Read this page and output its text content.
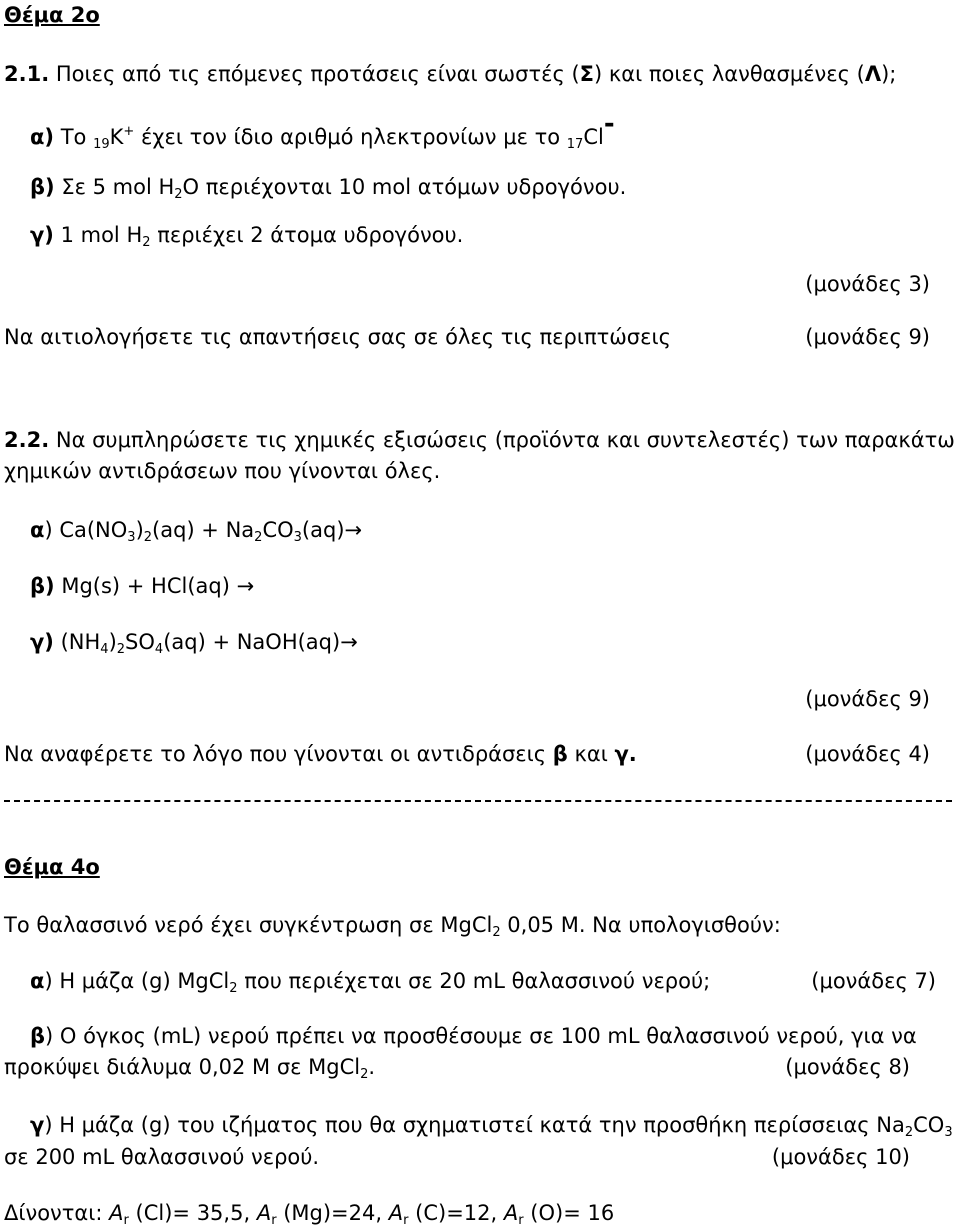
Θέμα 2ο
2.1. Ποιες από τις επόμενες προτάσεις είναι σωστές (Σ) και ποιες λανθασμένες (Λ);
α) Το 19K+ έχει τον ίδιο αριθμό ηλεκτρονίων με το 17Cl-
β) Σε 5 mol $H_2O$ περιέχονται 10 mol ατόμων υδρογόνου.
γ) 1 mol $H_2$ περιέχει 2 άτομα υδρογόνου.
(μονάδες 3)
Να αιτιολογήσετε τις απαντήσεις σας σε όλες τις περιπτώσεις	(μονάδες 9)
2.2. Να συμπληρώσετε τις χημικές εξισώσεις (προϊόντα και συντελεστές) των παρακάτω
χημικών αντιδράσεων που γίνονται όλες.
α) $Ca(NO_3)_2(aq) + Na_2CO_3(aq)\to$
β) Mg(s) + HCl(aq) →
γ) $(NH_4)_2SO_4(aq)$ + NaOH(aq)→
(μονάδες 9)
Να αναφέρετε το λόγο που γίνονται οι αντιδράσεις β και γ.	(μονάδες 4)
Θέμα 4ο
Το θαλασσινό νερό έχει συγκέντρωση σε MgCl$_2$ 0,05 M. Να υπολογισθούν:
α) Η μάζα (g) MgCl$_2$ που περιέχεται σε 20 mL θαλασσινού νερού;	(μονάδες 7)
β) Ο όγκος (mL) νερού πρέπει να προσθέσουμε σε 100 mL θαλασσινού νερού, για να
προκύψει διάλυμα 0,02 M σε MgCl$_2$.	(μονάδες 8)
γ) Η μάζα (g) του ιζήματος που θα σχηματιστεί κατά την προσθήκη περίσσειας $Na_2CO_3$
σε 200 mL θαλασσινού νερού.	(μονάδες 10)
Δίνονται: $A_r$ (Cl)= 35,5, $A_r$ (Mg)=24, $A_r$ (C)=12, $A_r$ (O)= 16
